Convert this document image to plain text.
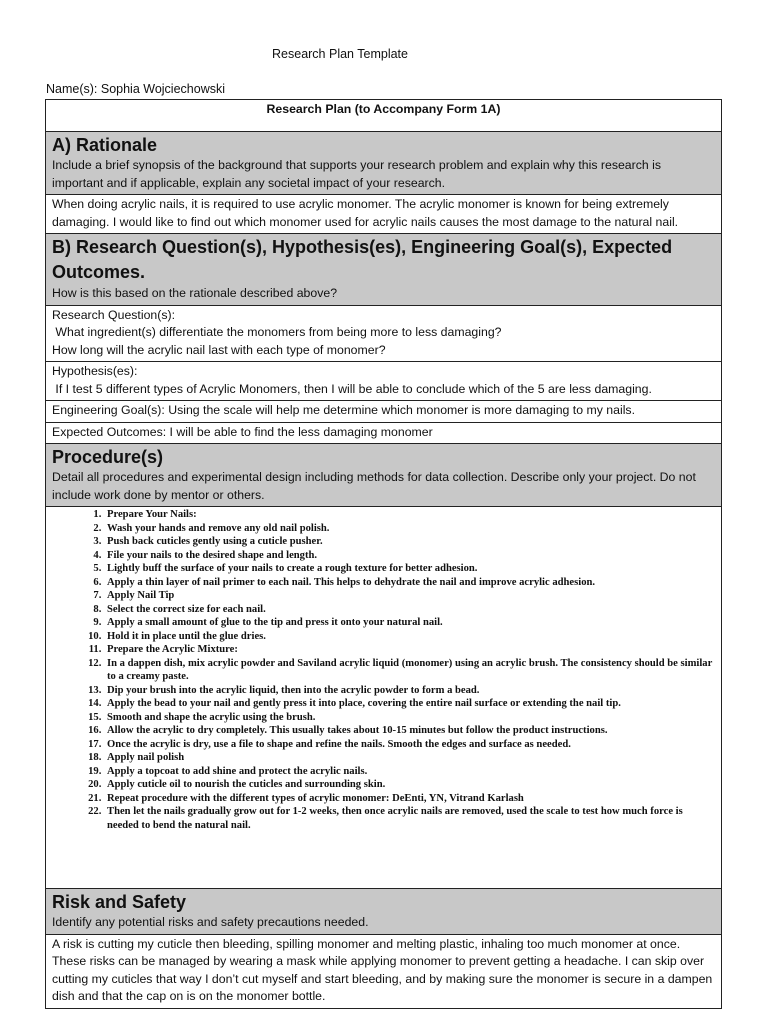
Research Plan Template
Name(s): Sophia Wojciechowski
Research Plan (to Accompany Form 1A)

A) Rationale
Include a brief synopsis of the background that supports your research problem and explain why this research is important and if applicable, explain any societal impact of your research.

When doing acrylic nails, it is required to use acrylic monomer. The acrylic monomer is known for being extremely damaging. I would like to find out which monomer used for acrylic nails causes the most damage to the natural nail.

B) Research Question(s), Hypothesis(es), Engineering Goal(s), Expected Outcomes.
How is this based on the rationale described above?

Research Question(s):
What ingredient(s) differentiate the monomers from being more to less damaging?
How long will the acrylic nail last with each type of monomer?

Hypothesis(es):
If I test 5 different types of Acrylic Monomers, then I will be able to conclude which of the 5 are less damaging.

Engineering Goal(s): Using the scale will help me determine which monomer is more damaging to my nails.
Expected Outcomes: I will be able to find the less damaging monomer

Procedure(s)
Detail all procedures and experimental design including methods for data collection. Describe only your project. Do not include work done by mentor or others.

1. Prepare Your Nails:
2. Wash your hands and remove any old nail polish.
3. Push back cuticles gently using a cuticle pusher.
4. File your nails to the desired shape and length.
5. Lightly buff the surface of your nails to create a rough texture for better adhesion.
6. Apply a thin layer of nail primer to each nail. This helps to dehydrate the nail and improve acrylic adhesion.
7. Apply Nail Tip
8. Select the correct size for each nail.
9. Apply a small amount of glue to the tip and press it onto your natural nail.
10. Hold it in place until the glue dries.
11. Prepare the Acrylic Mixture:
12. In a dappen dish, mix acrylic powder and Saviland acrylic liquid (monomer) using an acrylic brush. The consistency should be similar to a creamy paste.
13. Dip your brush into the acrylic liquid, then into the acrylic powder to form a bead.
14. Apply the bead to your nail and gently press it into place, covering the entire nail surface or extending the nail tip.
15. Smooth and shape the acrylic using the brush.
16. Allow the acrylic to dry completely. This usually takes about 10-15 minutes but follow the product instructions.
17. Once the acrylic is dry, use a file to shape and refine the nails. Smooth the edges and surface as needed.
18. Apply nail polish
19. Apply a topcoat to add shine and protect the acrylic nails.
20. Apply cuticle oil to nourish the cuticles and surrounding skin.
21. Repeat procedure with the different types of acrylic monomer: DeEnti, YN, Vitrand Karlash
22. Then let the nails gradually grow out for 1-2 weeks, then once acrylic nails are removed, used the scale to test how much force is needed to bend the natural nail.

Risk and Safety
Identify any potential risks and safety precautions needed.

A risk is cutting my cuticle then bleeding, spilling monomer and melting plastic, inhaling too much monomer at once. These risks can be managed by wearing a mask while applying monomer to prevent getting a headache. I can skip over cutting my cuticles that way I don’t cut myself and start bleeding, and by making sure the monomer is secure in a dampen dish and that the cap on is on the monomer bottle.
